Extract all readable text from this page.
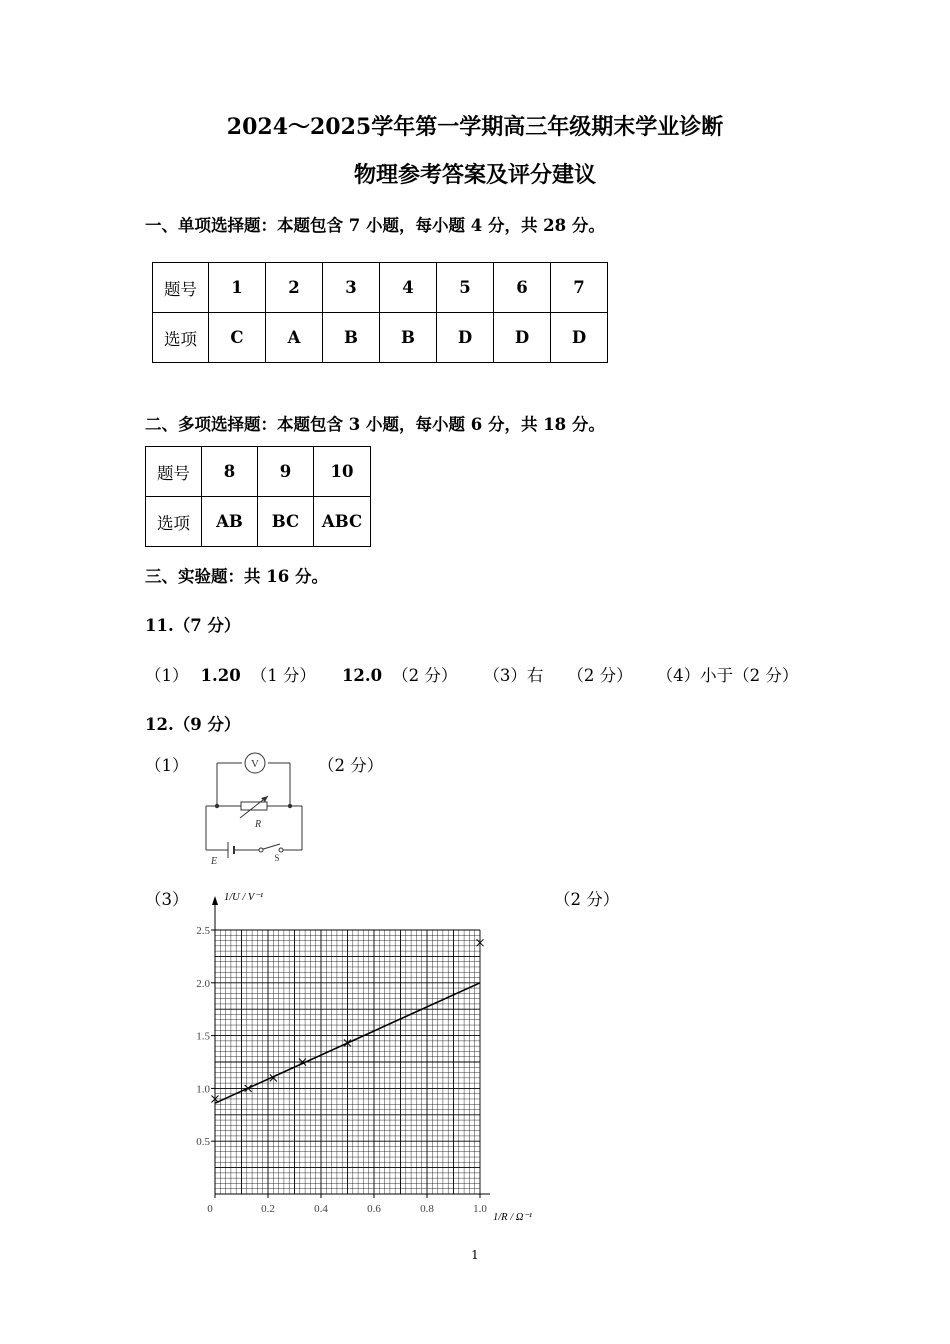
2024～2025学年第一学期高三年级期末学业诊断
物理参考答案及评分建议
一、单项选择题：本题包含 7 小题，每小题 4 分，共 28 分。
题号	1	2	3	4	5	6	7
选项	C	A	B	B	D	D	D
二、多项选择题：本题包含 3 小题，每小题 6 分，共 18 分。
题号	8	9	10
选项	AB	BC	ABC
三、实验题：共 16 分。
11.（7 分）
（1） 1.20 （1 分） 12.0 （2 分） （3）右 （2 分） （4）小于（2 分）
12.（9 分）
（1）	（2 分）
V
R
E	S
（3）	（2 分）
0	0.2	0.4	0.6	0.8	1.0
0.5
1.0
1.5
2.0
2.5
1/U / V⁻¹
1/R / Ω⁻¹
1
